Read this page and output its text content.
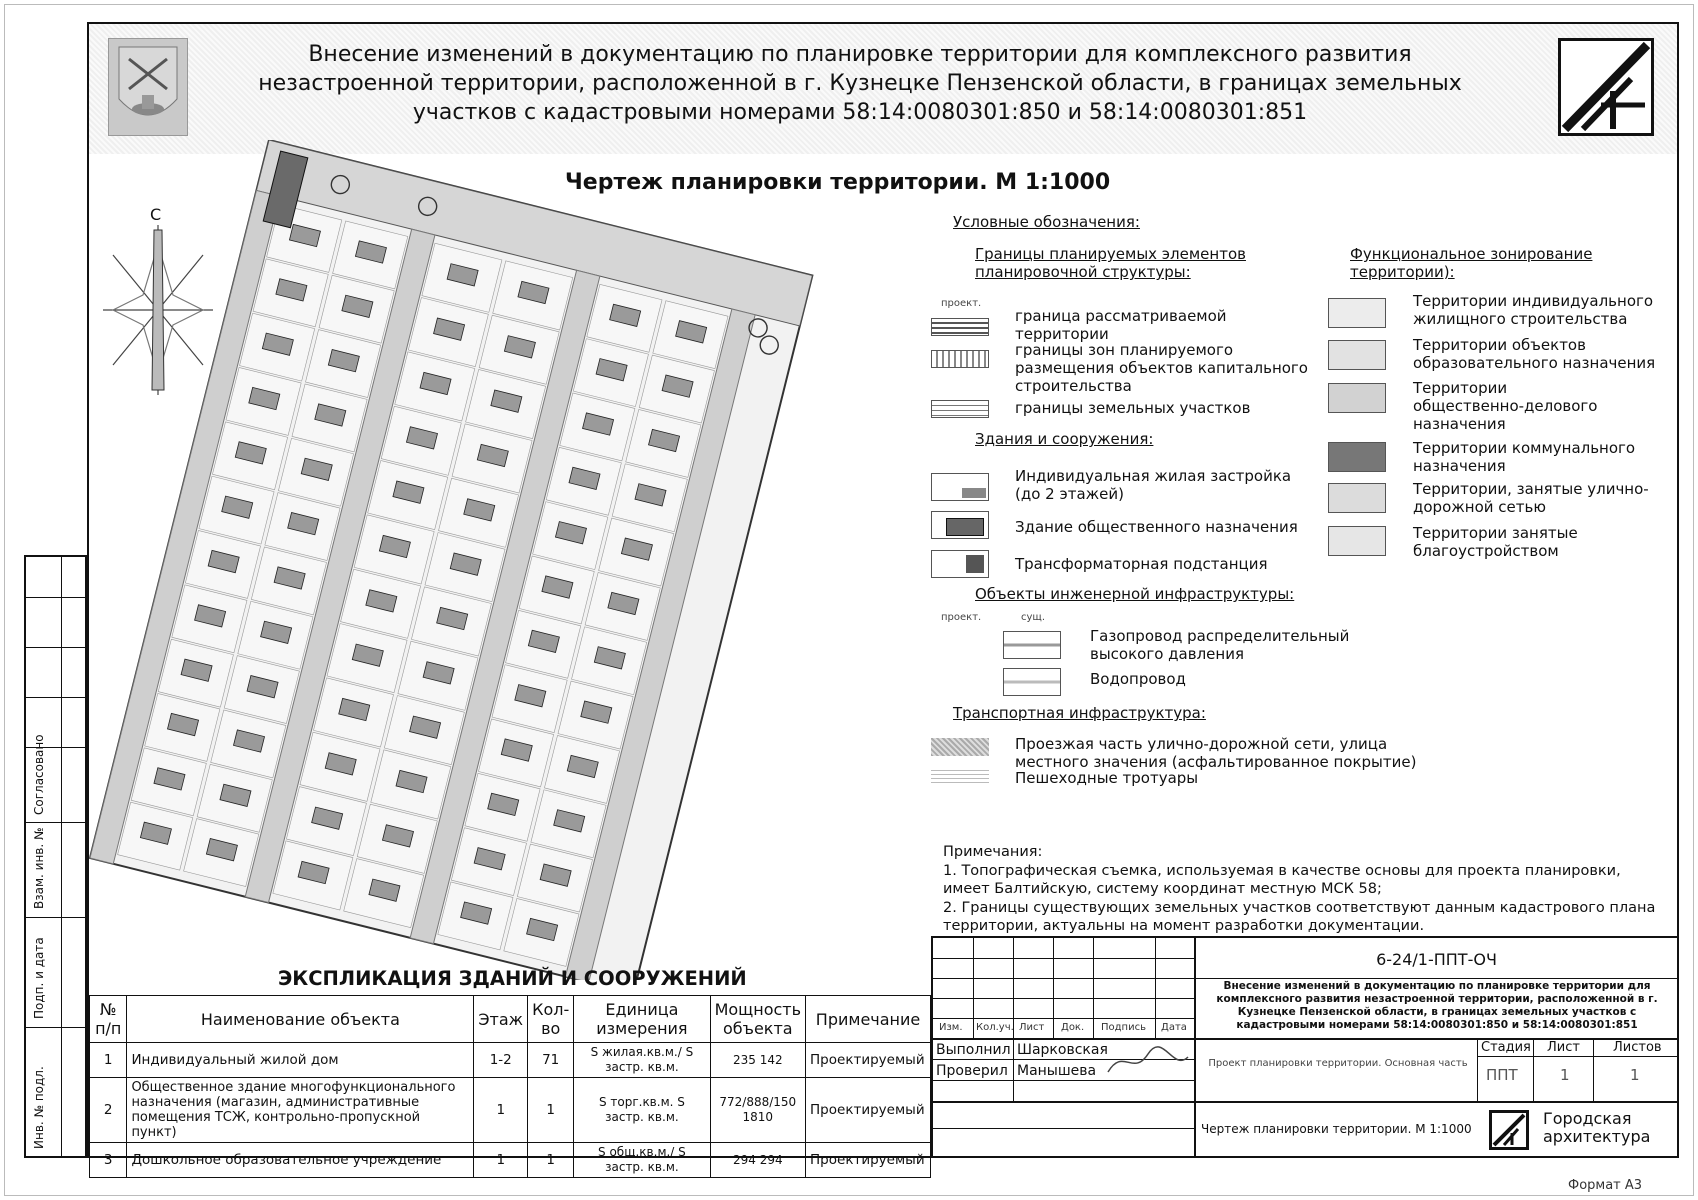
Внесение изменений в документацию по планировке территории для комплексного развития
незастроенной территории, расположенной в г. Кузнецке Пензенской области, в границах земельных
участков с кадастровыми номерами 58:14:0080301:850 и 58:14:0080301:851
Чертеж планировки территории. М 1:1000
С	Условные обозначения:
Границы планируемых элементов планировочной структуры:
проект.
граница рассматриваемой территории
границы зон планируемого размещения объектов капитального строительства
границы земельных участков
Здания и сооружения:
Индивидуальная жилая застройка (до 2 этажей)
Здание общественного назначения
Трансформаторная подстанция
Объекты инженерной инфраструктуры:
проект.	сущ.
Газопровод распределительный высокого давления
Водопровод
Транспортная инфраструктура:
Проезжая часть улично-дорожной сети, улица местного значения (асфальтированное покрытие)
Пешеходные тротуары
Функциональное зонирование территории):
Территории индивидуального жилищного строительства
Территории объектов образовательного назначения
Территории общественно-делового назначения
Территории коммунального назначения
Территории, занятые улично-дорожной сетью
Территории занятые благоустройством
Примечания:
1. Топографическая съемка, используемая в качестве основы для проекта планировки, имеет Балтийскую, систему координат местную МСК 58;
2. Границы существующих земельных участков соответствуют данным кадастрового плана территории, актуальны на момент разработки документации.
ЭКСПЛИКАЦИЯ ЗДАНИЙ И СООРУЖЕНИЙ
№ п/п	Наименование объекта	Этаж	Кол-во	Единица измерения	Мощность объекта	Примечание
1	Индивидуальный жилой дом	1-2	71	S жилая.кв.м./ S застр. кв.м.	235 142	Проектируемый
2	Общественное здание многофункционального назначения (магазин, административные помещения ТСЖ, контрольно-пропускной пункт)	1	1	S торг.кв.м. S застр. кв.м.	772/888/150 1810	Проектируемый
3	Дошкольное образовательное учреждение	1	1	S общ.кв.м./ S застр. кв.м.	294 294	Проектируемый
Согласовано
Взам. инв. №
Подп. и дата
Инв. № подл.
Изм. Кол.уч. Лист Док. Подпись Дата
Выполнил Шарковская
Проверил Манышева
6-24/1-ППТ-ОЧ
Внесение изменений в документацию по планировке территории для комплексного развития незастроенной территории, расположенной в г. Кузнецке Пензенской области, в границах земельных участков с кадастровыми номерами 58:14:0080301:850 и 58:14:0080301:851
Проект планировки территории. Основная часть
Стадия Лист	Листов
ППТ	1	1
Чертеж планировки территории. М 1:1000
Городская
архитектура
Формат А3
